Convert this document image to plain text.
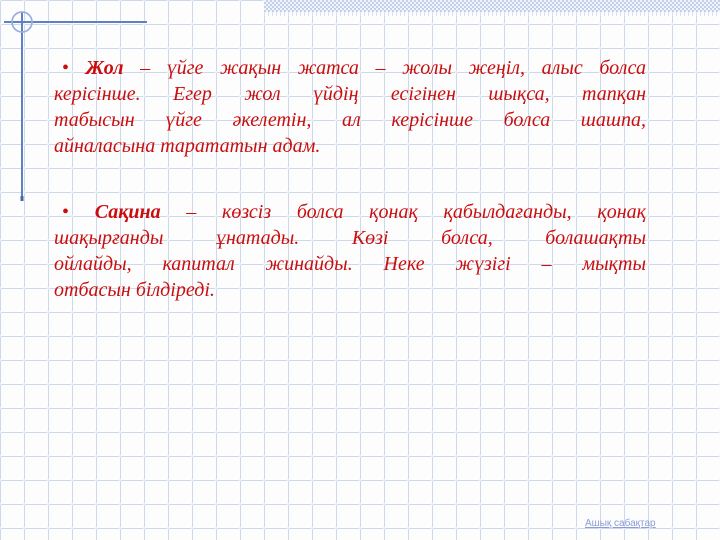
• Жол – үйге жақын жатса – жолы жеңіл, алыс болса
керісінше. Егер жол үйдің есігінен шықса, тапқан
табысын үйге әкелетін, ал керісінше болса шашпа,
айналасына тарататын адам.
• Сақина – көзсіз болса қонақ қабылдағанды, қонақ
шақырғанды ұнатады. Көзі болса, болашақты
ойлайды, капитал жинайды. Неке жүзігі – мықты
отбасын білдіреді.
Ашық сабақтар
